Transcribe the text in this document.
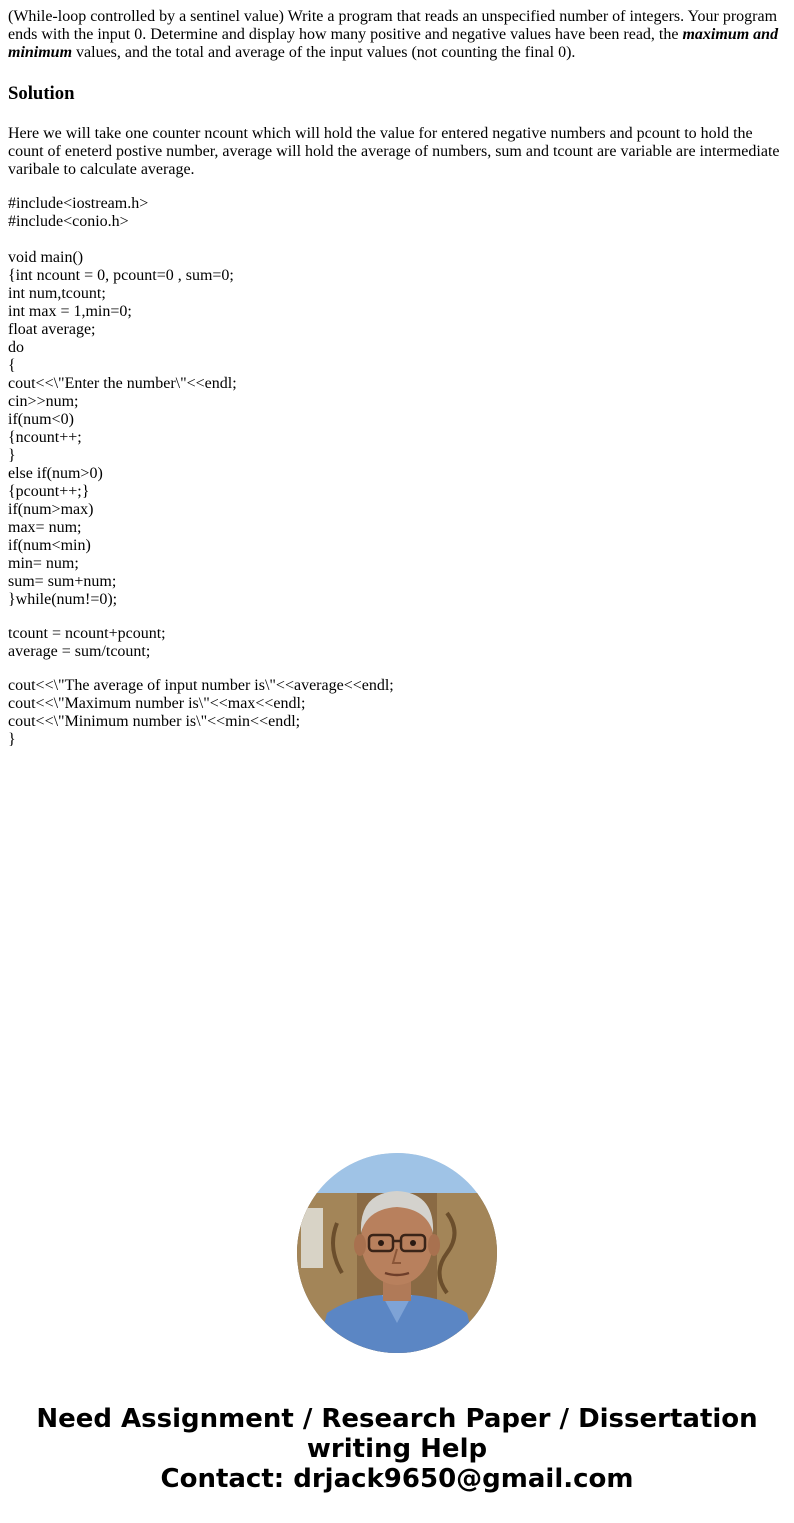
(While-loop controlled by a sentinel value) Write a program that reads an unspecified number of integers. Your program ends with the input 0. Determine and display how many positive and negative values have been read, the maximum and minimum values, and the total and average of the input values (not counting the final 0).

Solution

Here we will take one counter ncount which will hold the value for entered negative numbers and pcount to hold the count of eneterd postive number, average will hold the average of numbers, sum and tcount are variable are intermediate varibale to calculate average.

#include<iostream.h>
#include<conio.h>
void main()
{int ncount = 0, pcount=0 , sum=0;
int num,tcount;
int max = 1,min=0;
float average;
do
{
cout<<\"Enter the number\"<<endl;
cin>>num;
if(num<0)
{ncount++;
}
else if(num>0)
{pcount++;}
if(num>max)
max= num;
if(num<min)
min= num;
sum= sum+num;
}while(num!=0);
tcount = ncount+pcount;
average = sum/tcount;
cout<<\"The average of input number is\"<<average<<endl;
cout<<\"Maximum number is\"<<max<<endl;
cout<<\"Minimum number is\"<<min<<endl;
}
Need Assignment / Research Paper / Dissertation
writing Help
Contact: drjack9650@gmail.com
